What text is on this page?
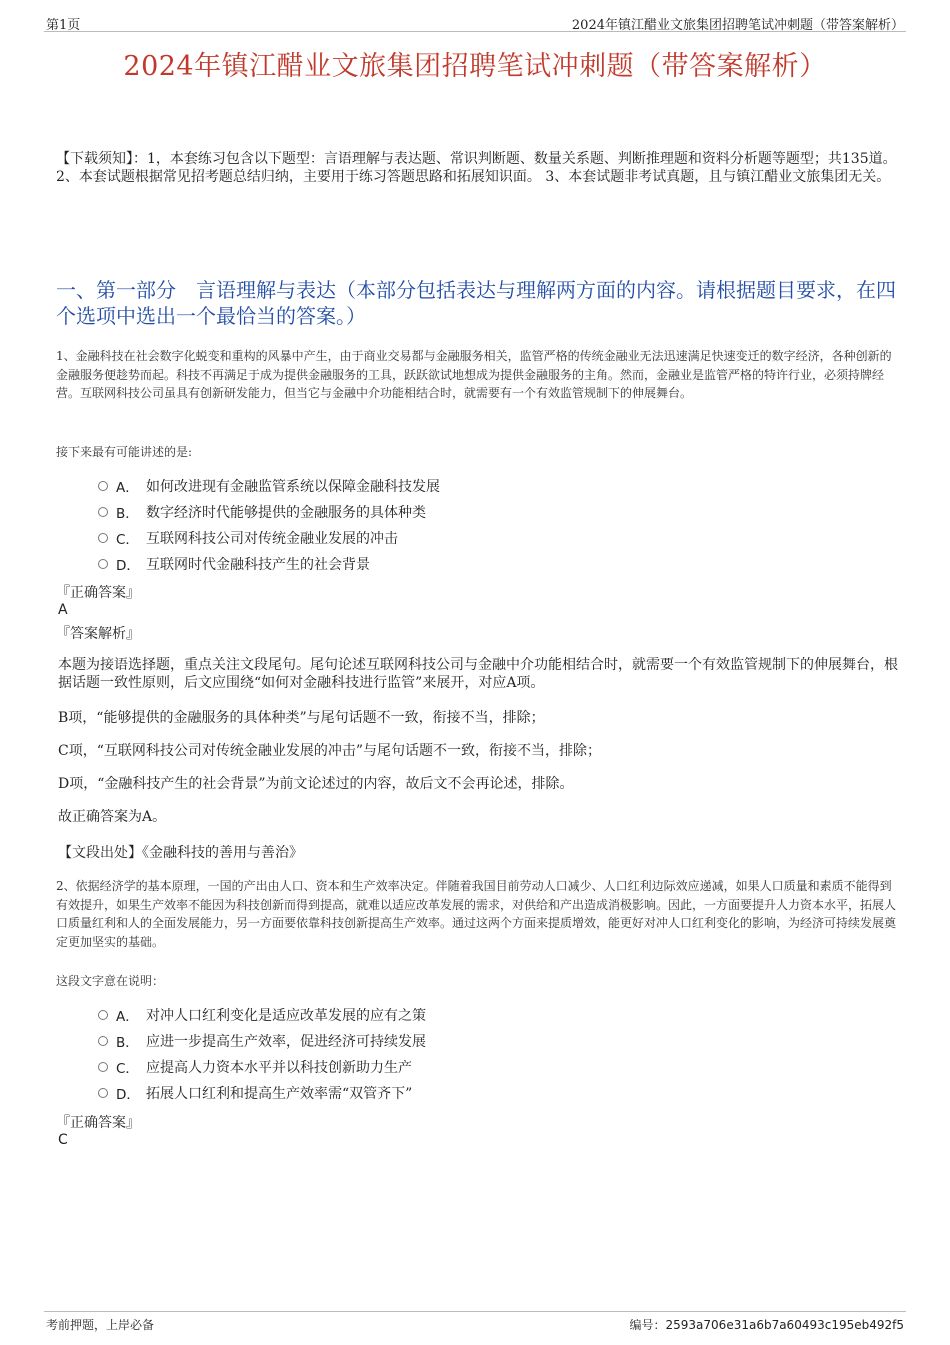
第1页	2024年镇江醋业文旅集团招聘笔试冲刺题（带答案解析）
2024年镇江醋业文旅集团招聘笔试冲刺题（带答案解析）
【下载须知】：1，本套练习包含以下题型：言语理解与表达题、常识判断题、数量关系题、判断推理题和资料分析题等题型；共135道。 2、本套试题根据常见招考题总结归纳，主要用于练习答题思路和拓展知识面。 3、本套试题非考试真题，且与镇江醋业文旅集团无关。
一、第一部分　言语理解与表达（本部分包括表达与理解两方面的内容。请根据题目要求，在四个选项中选出一个最恰当的答案。）
1、金融科技在社会数字化蜕变和重构的风暴中产生，由于商业交易都与金融服务相关，监管严格的传统金融业无法迅速满足快速变迁的数字经济，各种创新的金融服务便趁势而起。科技不再满足于成为提供金融服务的工具，跃跃欲试地想成为提供金融服务的主角。然而，金融业是监管严格的特许行业，必须持牌经营。互联网科技公司虽具有创新研发能力，但当它与金融中介功能相结合时，就需要有一个有效监管规制下的伸展舞台。
接下来最有可能讲述的是:
A． 如何改进现有金融监管系统以保障金融科技发展
B． 数字经济时代能够提供的金融服务的具体种类
C． 互联网科技公司对传统金融业发展的冲击
D． 互联网时代金融科技产生的社会背景
『正确答案』
A
『答案解析』
本题为接语选择题，重点关注文段尾句。尾句论述互联网科技公司与金融中介功能相结合时，就需要一个有效监管规制下的伸展舞台，根据话题一致性原则，后文应围绕“如何对金融科技进行监管”来展开，对应A项。
B项，“能够提供的金融服务的具体种类”与尾句话题不一致，衔接不当，排除；
C项，“互联网科技公司对传统金融业发展的冲击”与尾句话题不一致，衔接不当，排除；
D项，“金融科技产生的社会背景”为前文论述过的内容，故后文不会再论述，排除。
故正确答案为A。
【文段出处】《金融科技的善用与善治》
2、依据经济学的基本原理，一国的产出由人口、资本和生产效率决定。伴随着我国目前劳动人口减少、人口红利边际效应递减，如果人口质量和素质不能得到有效提升，如果生产效率不能因为科技创新而得到提高，就难以适应改革发展的需求，对供给和产出造成消极影响。因此，一方面要提升人力资本水平，拓展人口质量红利和人的全面发展能力，另一方面要依靠科技创新提高生产效率。通过这两个方面来提质增效，能更好对冲人口红利变化的影响，为经济可持续发展奠定更加坚实的基础。
这段文字意在说明：
A． 对冲人口红利变化是适应改革发展的应有之策
B． 应进一步提高生产效率，促进经济可持续发展
C． 应提高人力资本水平并以科技创新助力生产
D． 拓展人口红利和提高生产效率需“双管齐下”
『正确答案』
C
考前押题，上岸必备	编号：2593a706e31a6b7a60493c195eb492f5
